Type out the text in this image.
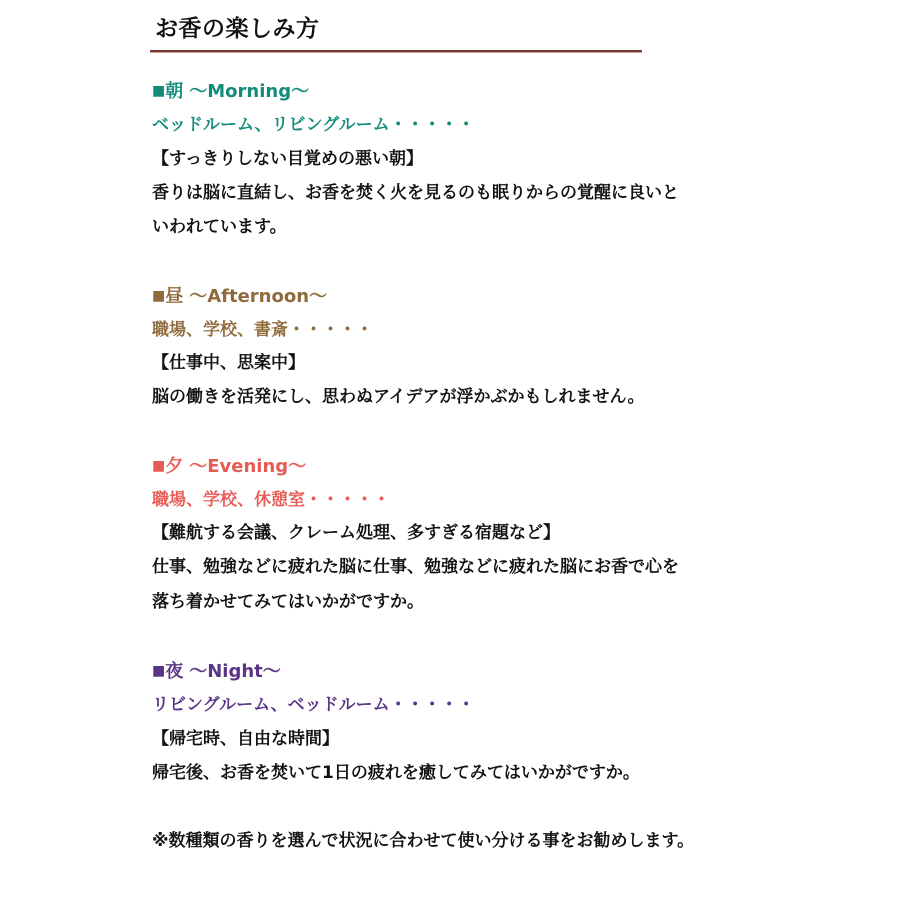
お香の楽しみ方
■朝 ～Morning～
ベッドルーム、リビングルーム・・・・・
【すっきりしない目覚めの悪い朝】
香りは脳に直結し、お香を焚く火を見るのも眠りからの覚醒に良いと
いわれています。
■昼 ～Afternoon～
職場、学校、書斎・・・・・
【仕事中、思案中】
脳の働きを活発にし、思わぬアイデアが浮かぶかもしれません。
■夕 ～Evening～
職場、学校、休憩室・・・・・
【難航する会議、クレーム処理、多すぎる宿題など】
仕事、勉強などに疲れた脳に仕事、勉強などに疲れた脳にお香で心を
落ち着かせてみてはいかがですか。
■夜 ～Night～
リビングルーム、ベッドルーム・・・・・
【帰宅時、自由な時間】
帰宅後、お香を焚いて1日の疲れを癒してみてはいかがですか。
※数種類の香りを選んで状況に合わせて使い分ける事をお勧めします。
